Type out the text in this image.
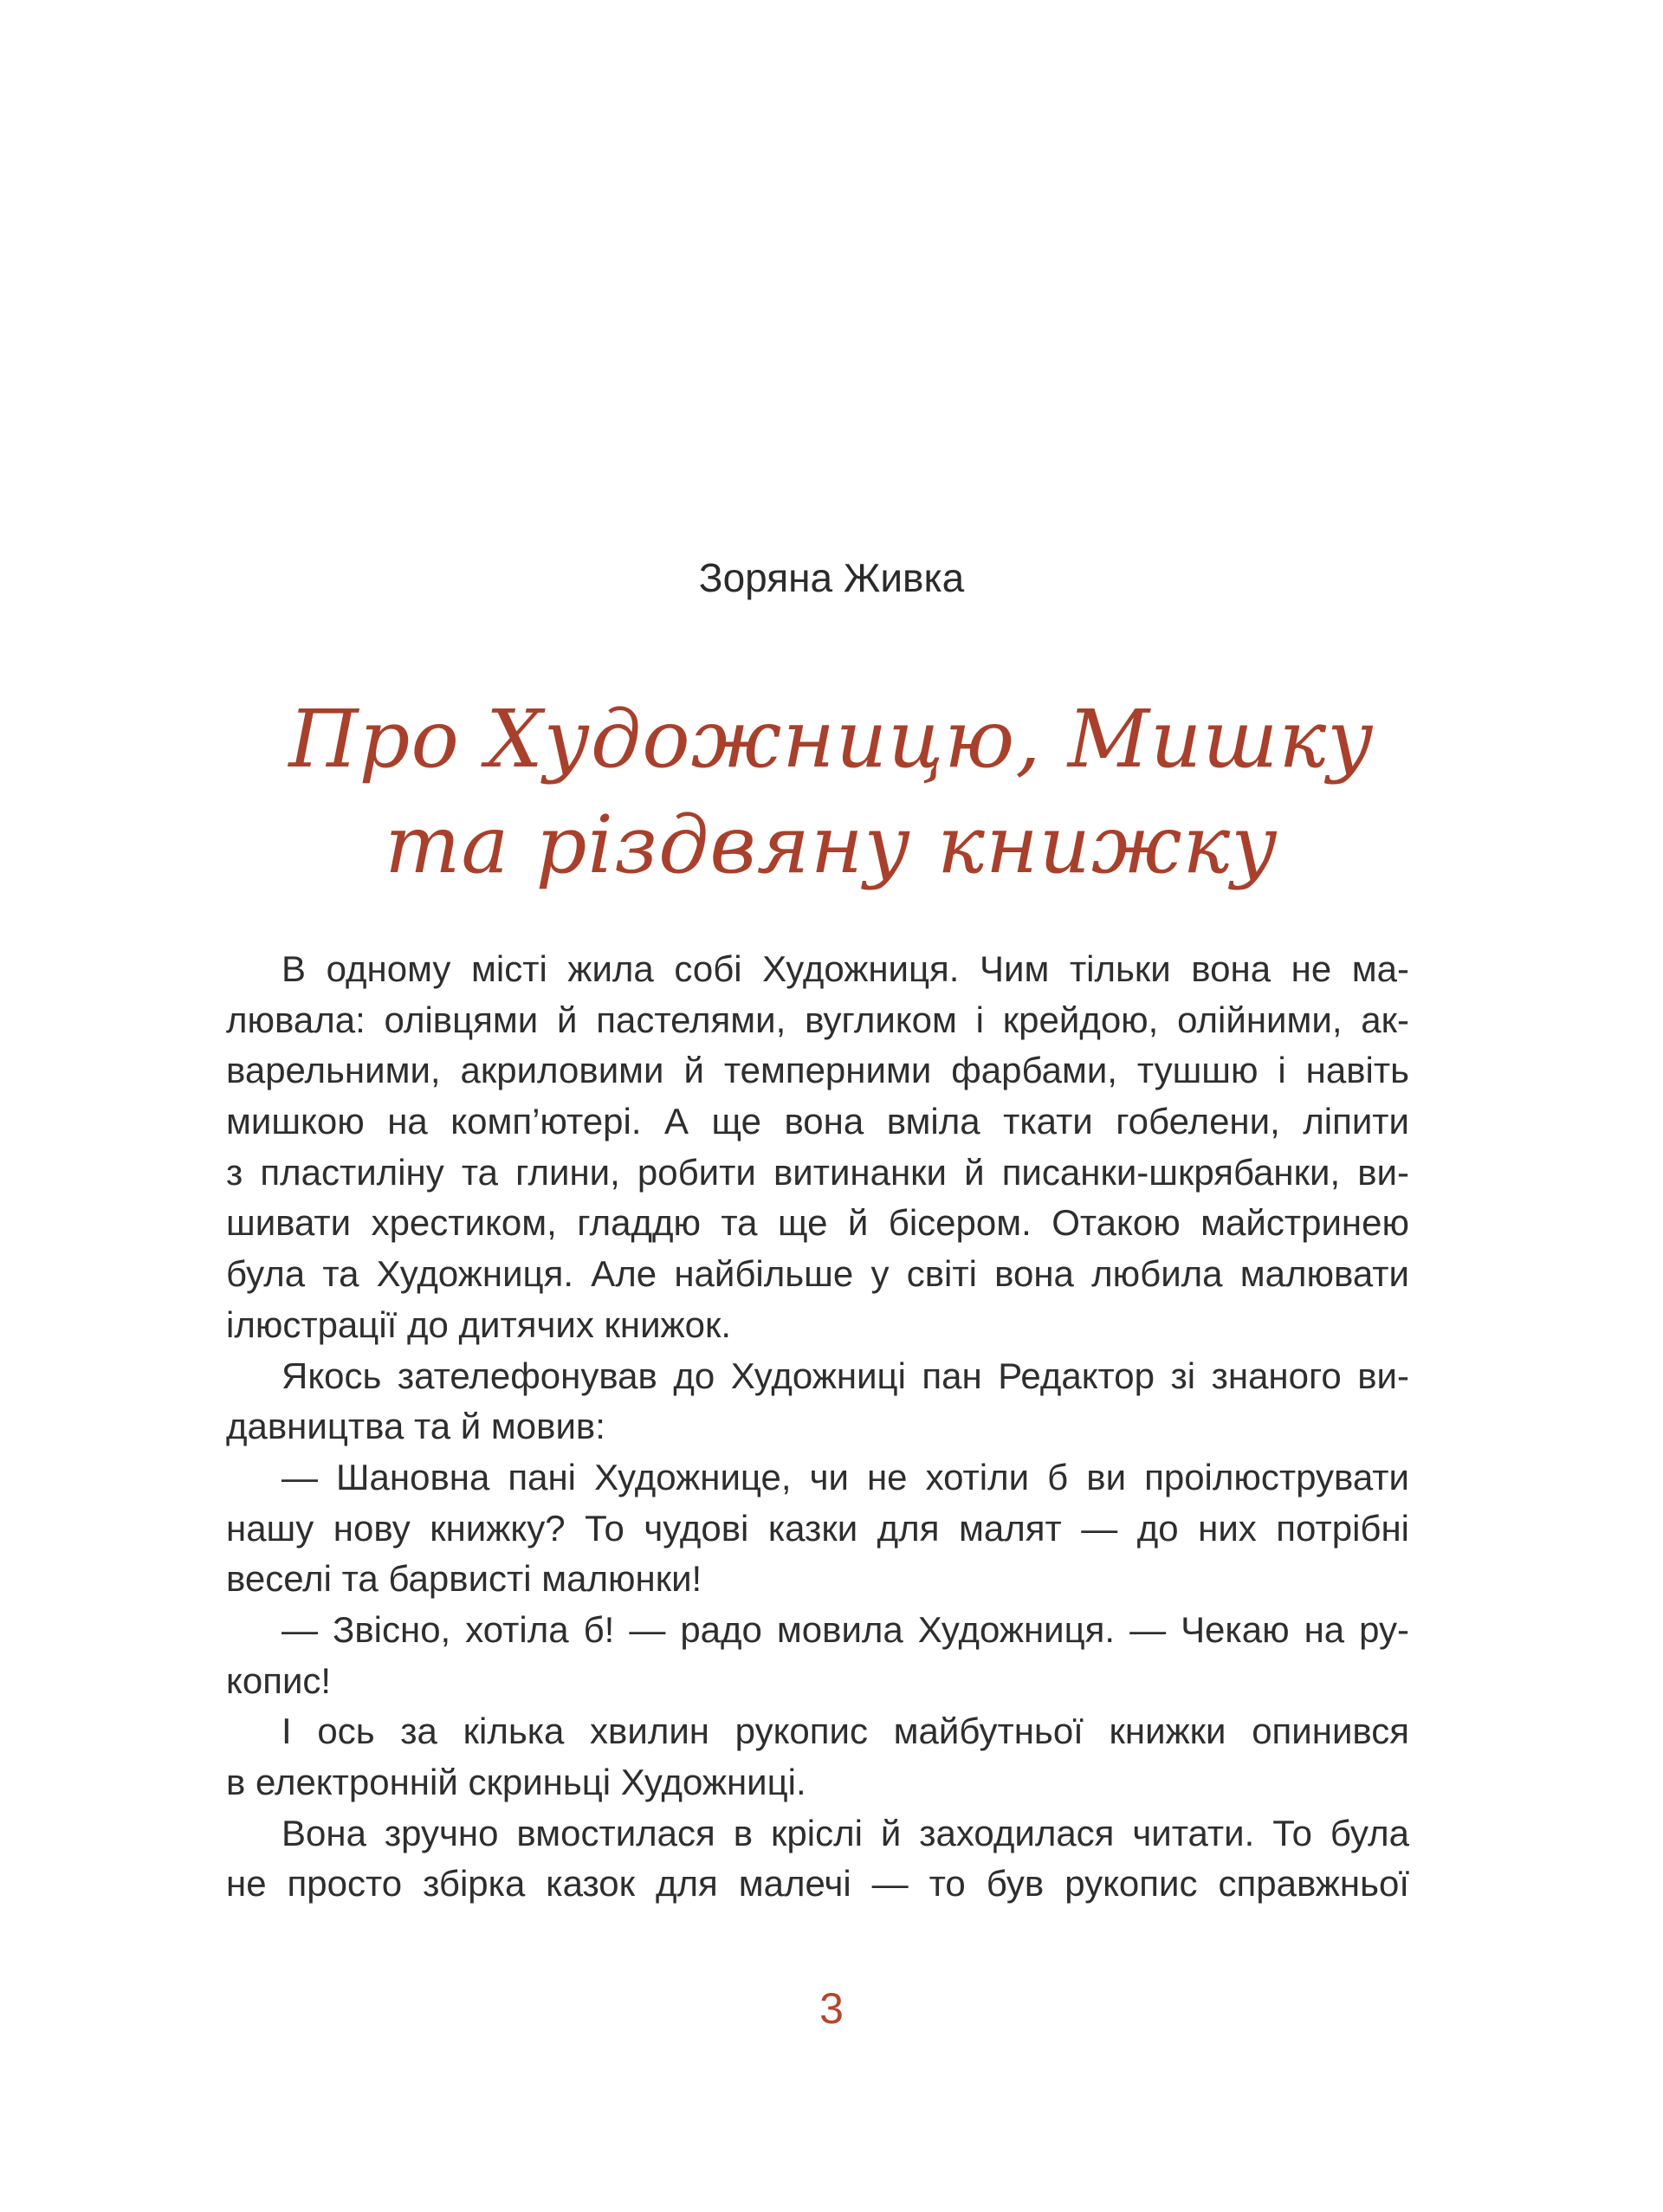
Зоряна Живка
Про Художницю, Мишку
та різдвяну книжку
В одному місті жила собі Художниця. Чим тільки вона не ма-
лювала: олівцями й пастелями, вугликом і крейдою, олійними, ак-
варельними, акриловими й темперними фарбами, тушшю і навіть
мишкою на комп’ютері. А ще вона вміла ткати гобелени, ліпити
з пластиліну та глини, робити витинанки й писанки-шкрябанки, ви-
шивати хрестиком, гладдю та ще й бісером. Отакою майстринею
була та Художниця. Але найбільше у світі вона любила малювати
ілюстрації до дитячих книжок.
Якось зателефонував до Художниці пан Редактор зі знаного ви-
давництва та й мовив:
— Шановна пані Художнице, чи не хотіли б ви проілюструвати
нашу нову книжку? То чудові казки для малят — до них потрібні
веселі та барвисті малюнки!
— Звісно, хотіла б! — радо мовила Художниця. — Чекаю на ру-
копис!
І ось за кілька хвилин рукопис майбутньої книжки опинився
в електронній скриньці Художниці.
Вона зручно вмостилася в кріслі й заходилася читати. То була
не просто збірка казок для малечі — то був рукопис справжньої
3
